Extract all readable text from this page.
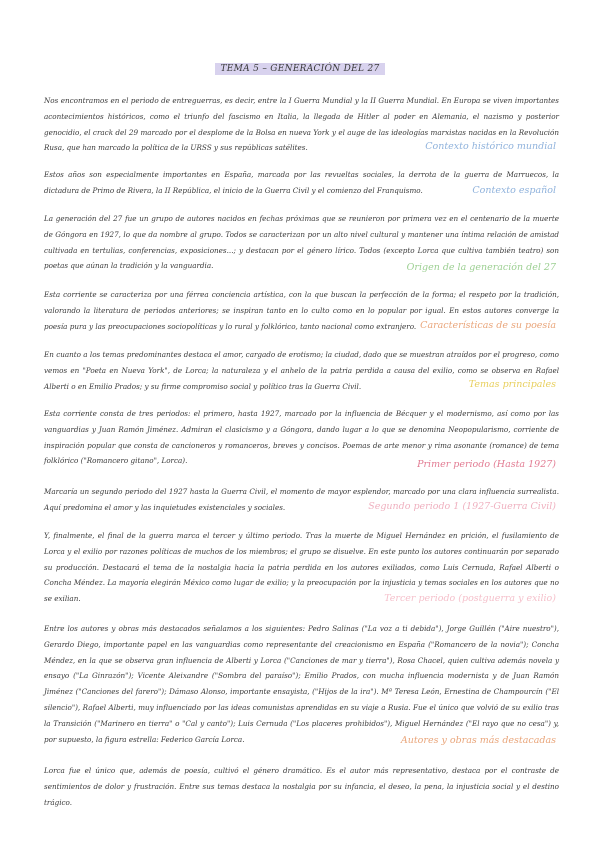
TEMA 5 – GENERACIÓN DEL 27

Nos encontramos en el periodo de entreguerras, es decir, entre la I Guerra Mundial y la II Guerra Mundial. En Europa se viven importantes acontecimientos históricos, como el triunfo del fascismo en Italia, la llegada de Hitler al poder en Alemania, el nazismo y posterior genocidio, el crack del 29 marcado por el desplome de la Bolsa en nueva York y el auge de las ideologías marxistas nacidas en la Revolución Rusa, que han marcado la política de la URSS y sus repúblicas satélites.	Contexto histórico mundial

Estos años son especialmente importantes en España, marcada por las revueltas sociales, la derrota de la guerra de Marruecos, la dictadura de Primo de Rivera, la II República, el inicio de la Guerra Civil y el comienzo del Franquismo.	Contexto español

La generación del 27 fue un grupo de autores nacidos en fechas próximas que se reunieron por primera vez en el centenario de la muerte de Góngora en 1927, lo que da nombre al grupo. Todos se caracterizan por un alto nivel cultural y mantener una íntima relación de amistad cultivada en tertulias, conferencias, exposiciones...; y destacan por el género lírico. Todos (excepto Lorca que cultiva también teatro) son poetas que aúnan la tradición y la vanguardia.	Origen de la generación del 27

Esta corriente se caracteriza por una férrea conciencia artística, con la que buscan la perfección de la forma; el respeto por la tradición, valorando la literatura de periodos anteriores; se inspiran tanto en lo culto como en lo popular por igual. En estos autores converge la poesía pura y las preocupaciones sociopolíticas y lo rural y folklórico, tanto nacional como extranjero. Características de su poesía

En cuanto a los temas predominantes destaca el amor, cargado de erotismo; la ciudad, dado que se muestran atraídos por el progreso, como vemos en "Poeta en Nueva York", de Lorca; la naturaleza y el anhelo de la patria perdida a causa del exilio, como se observa en Rafael Alberti o en Emilio Prados; y su firme compromiso social y político tras la Guerra Civil.	Temas principales

Esta corriente consta de tres periodos: el primero, hasta 1927, marcado por la influencia de Bécquer y el modernismo, así como por las vanguardias y Juan Ramón Jiménez. Admiran el clasicismo y a Góngora, dando lugar a lo que se denomina Neopopularismo, corriente de inspiración popular que consta de cancioneros y romanceros, breves y concisos. Poemas de arte menor y rima asonante (romance) de tema folklórico ("Romancero gitano", Lorca).	Primer periodo (Hasta 1927)

Marcaría un segundo periodo del 1927 hasta la Guerra Civil, el momento de mayor esplendor, marcado por una clara influencia surrealista. Aquí predomina el amor y las inquietudes existenciales y sociales.	Segundo periodo 1 (1927-Guerra Civil)

Y, finalmente, el final de la guerra marca el tercer y último periodo. Tras la muerte de Miguel Hernández en prición, el fusilamiento de Lorca y el exilio por razones políticas de muchos de los miembros; el grupo se disuelve. En este punto los autores continuarán por separado su producción. Destacará el tema de la nostalgia hacia la patria perdida en los autores exiliados, como Luis Cernuda, Rafael Alberti o Concha Méndez. La mayoría elegirán México como lugar de exilio; y la preocupación por la injusticia y temas sociales en los autores que no se exilian.	Tercer periodo (postguerra y exilio)

Entre los autores y obras más destacados señalamos a los siguientes: Pedro Salinas ("La voz a ti debida"), Jorge Guillén ("Aire nuestro"), Gerardo Diego, importante papel en las vanguardias como representante del creacionismo en España ("Romancero de la novia"); Concha Méndez, en la que se observa gran influencia de Alberti y Lorca ("Canciones de mar y tierra"), Rosa Chacel, quien cultiva además novela y ensayo ("La Ginrazón"); Vicente Aleixandre ("Sombra del paraíso"); Emilio Prados, con mucha influencia modernista y de Juan Ramón Jiménez ("Canciones del farero"); Dámaso Alonso, importante ensayista, ("Hijos de la ira"). Mª Teresa León, Ernestina de Champourcín ("El silencio"), Rafael Alberti, muy influenciado por las ideas comunistas aprendidas en su viaje a Rusia. Fue el único que volvió de su exilio tras la Transición ("Marinero en tierra" o "Cal y canto"); Luis Cernuda ("Los placeres prohibidos"), Miguel Hernández ("El rayo que no cesa") y, por supuesto, la figura estrella: Federico García Lorca.	Autores y obras más destacadas

Lorca fue el único que, además de poesía, cultivó el género dramático. Es el autor más representativo, destaca por el contraste de sentimientos de dolor y frustración. Entre sus temas destaca la nostalgia por su infancia, el deseo, la pena, la injusticia social y el destino trágico.
